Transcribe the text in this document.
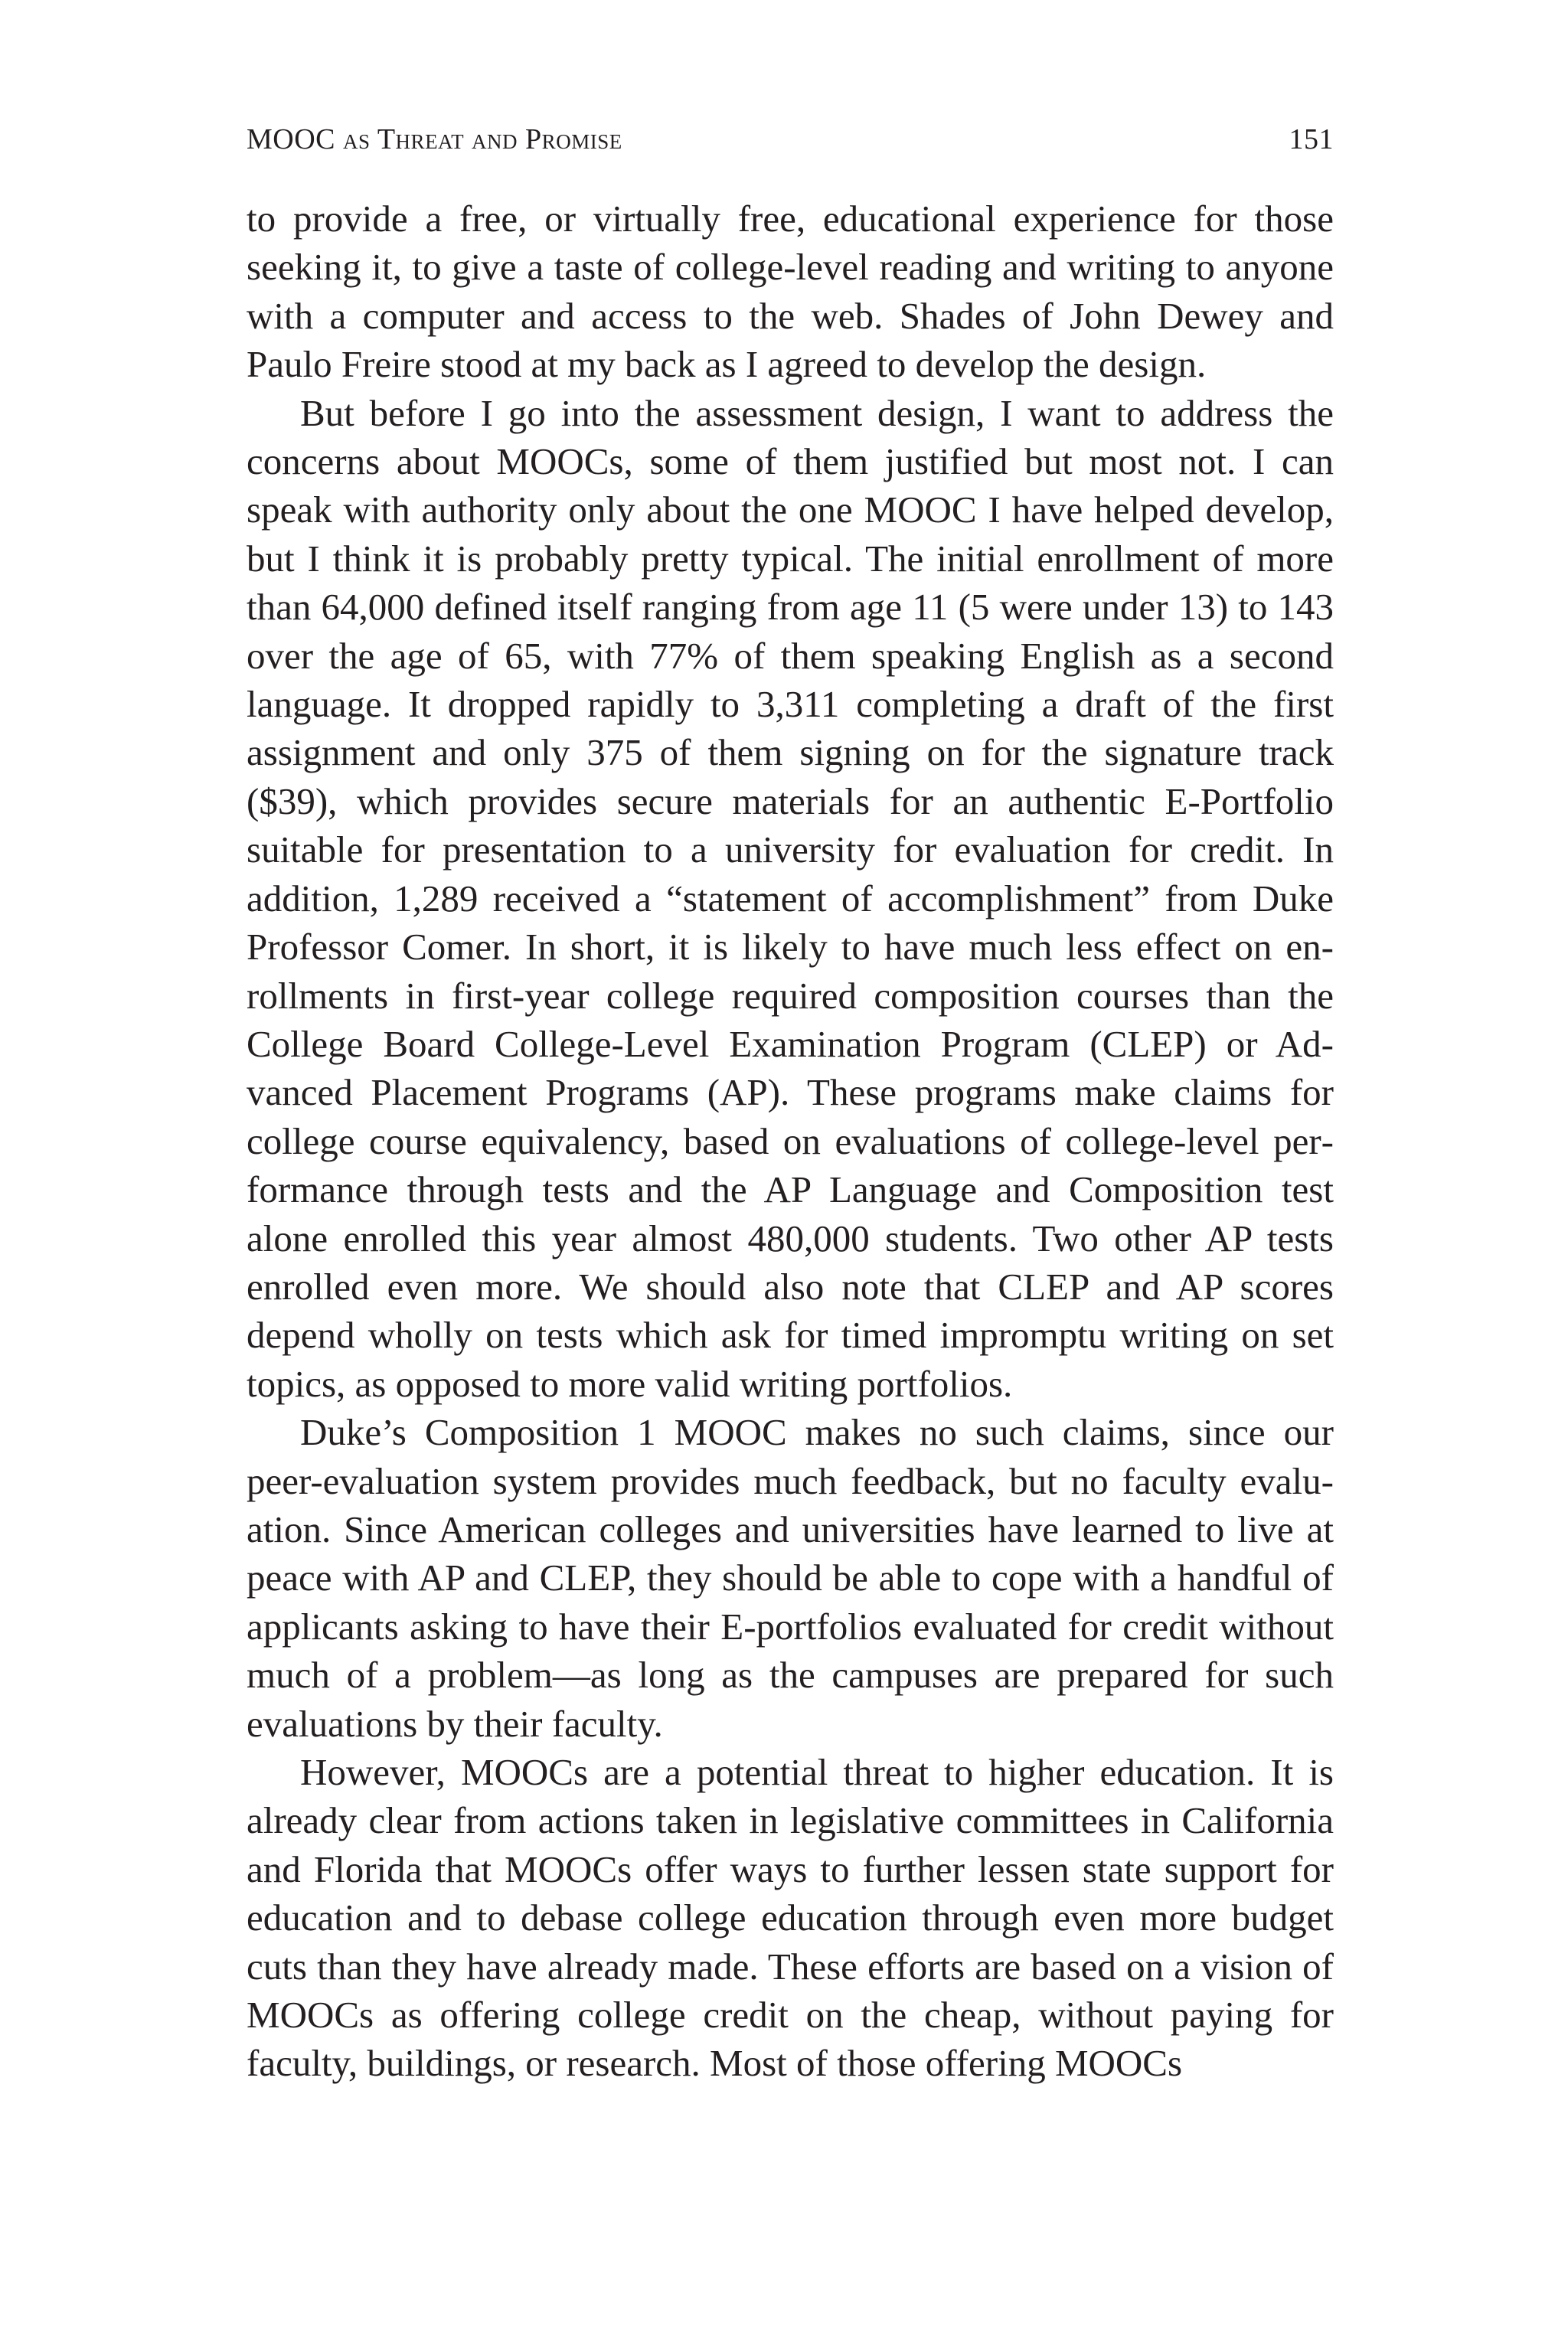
MOOC as Threat and Promise	151

to provide a free, or virtually free, educational experience for those seeking it, to give a taste of college-level reading and writing to anyone with a computer and access to the web. Shades of John Dewey and Paulo Freire stood at my back as I agreed to develop the design.

But before I go into the assessment design, I want to address the concerns about MOOCs, some of them justified but most not. I can speak with authority only about the one MOOC I have helped develop, but I think it is probably pretty typical. The initial enrollment of more than 64,000 defined itself ranging from age 11 (5 were under 13) to 143 over the age of 65, with 77% of them speaking English as a second language. It dropped rapidly to 3,311 completing a draft of the first assignment and only 375 of them signing on for the signature track ($39), which provides secure materials for an authentic E-Portfolio suitable for presentation to a university for evaluation for credit. In addition, 1,289 received a “statement of accomplishment” from Duke Professor Comer. In short, it is likely to have much less effect on enrollments in first-year college required composition courses than the College Board College-Level Examination Program (CLEP) or Advanced Placement Programs (AP). These programs make claims for college course equivalency, based on evaluations of college-level performance through tests and the AP Language and Composition test alone enrolled this year almost 480,000 students. Two other AP tests enrolled even more. We should also note that CLEP and AP scores depend wholly on tests which ask for timed impromptu writing on set topics, as opposed to more valid writing portfolios.

Duke’s Composition 1 MOOC makes no such claims, since our peer-evaluation system provides much feedback, but no faculty evaluation. Since American colleges and universities have learned to live at peace with AP and CLEP, they should be able to cope with a handful of applicants asking to have their E-portfolios evaluated for credit without much of a problem—as long as the campuses are prepared for such evaluations by their faculty.

However, MOOCs are a potential threat to higher education. It is already clear from actions taken in legislative committees in California and Florida that MOOCs offer ways to further lessen state support for education and to debase college education through even more budget cuts than they have already made. These efforts are based on a vision of MOOCs as offering college credit on the cheap, without paying for faculty, buildings, or research. Most of those offering MOOCs
